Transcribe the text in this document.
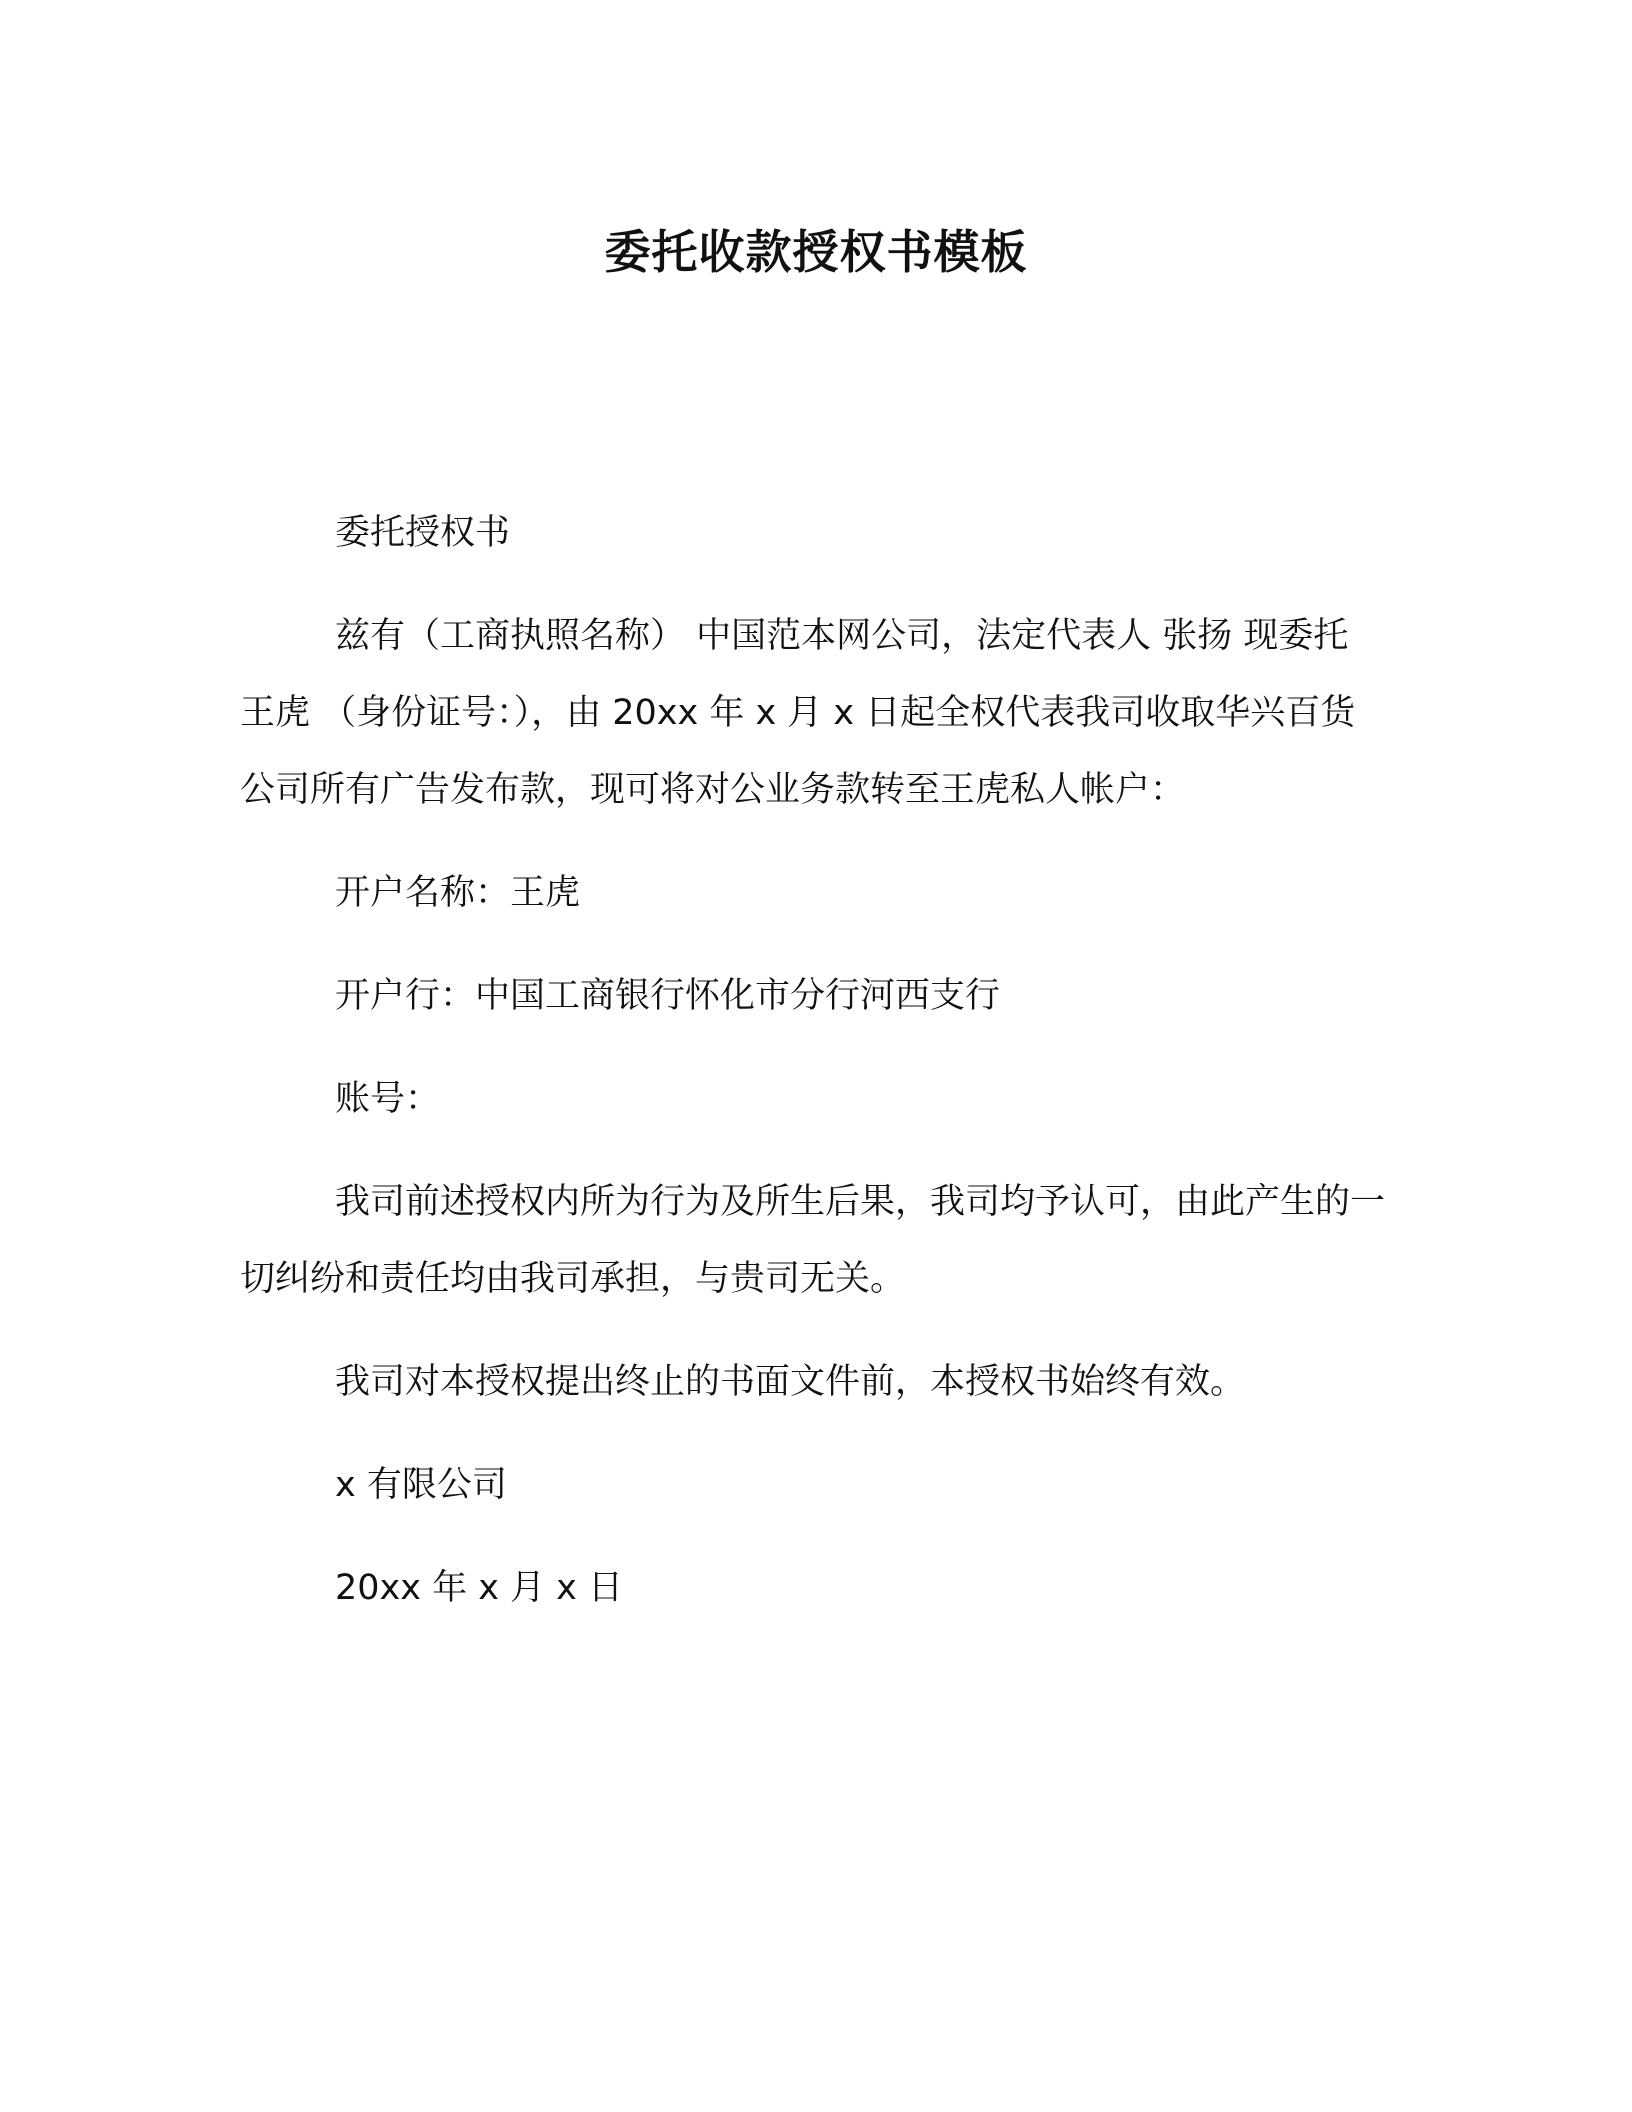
委托收款授权书模板

委托授权书

兹有（工商执照名称） 中国范本网公司，法定代表人 张扬 现委托 王虎 （身份证号：），由 20xx 年 x 月 x 日起全权代表我司收取华兴百货公司所有广告发布款，现可将对公业务款转至王虎私人帐户：

开户名称：王虎

开户行：中国工商银行怀化市分行河西支行

账号：

我司前述授权内所为行为及所生后果，我司均予认可，由此产生的一切纠纷和责任均由我司承担，与贵司无关。

我司对本授权提出终止的书面文件前，本授权书始终有效。

x 有限公司

20xx 年 x 月 x 日
